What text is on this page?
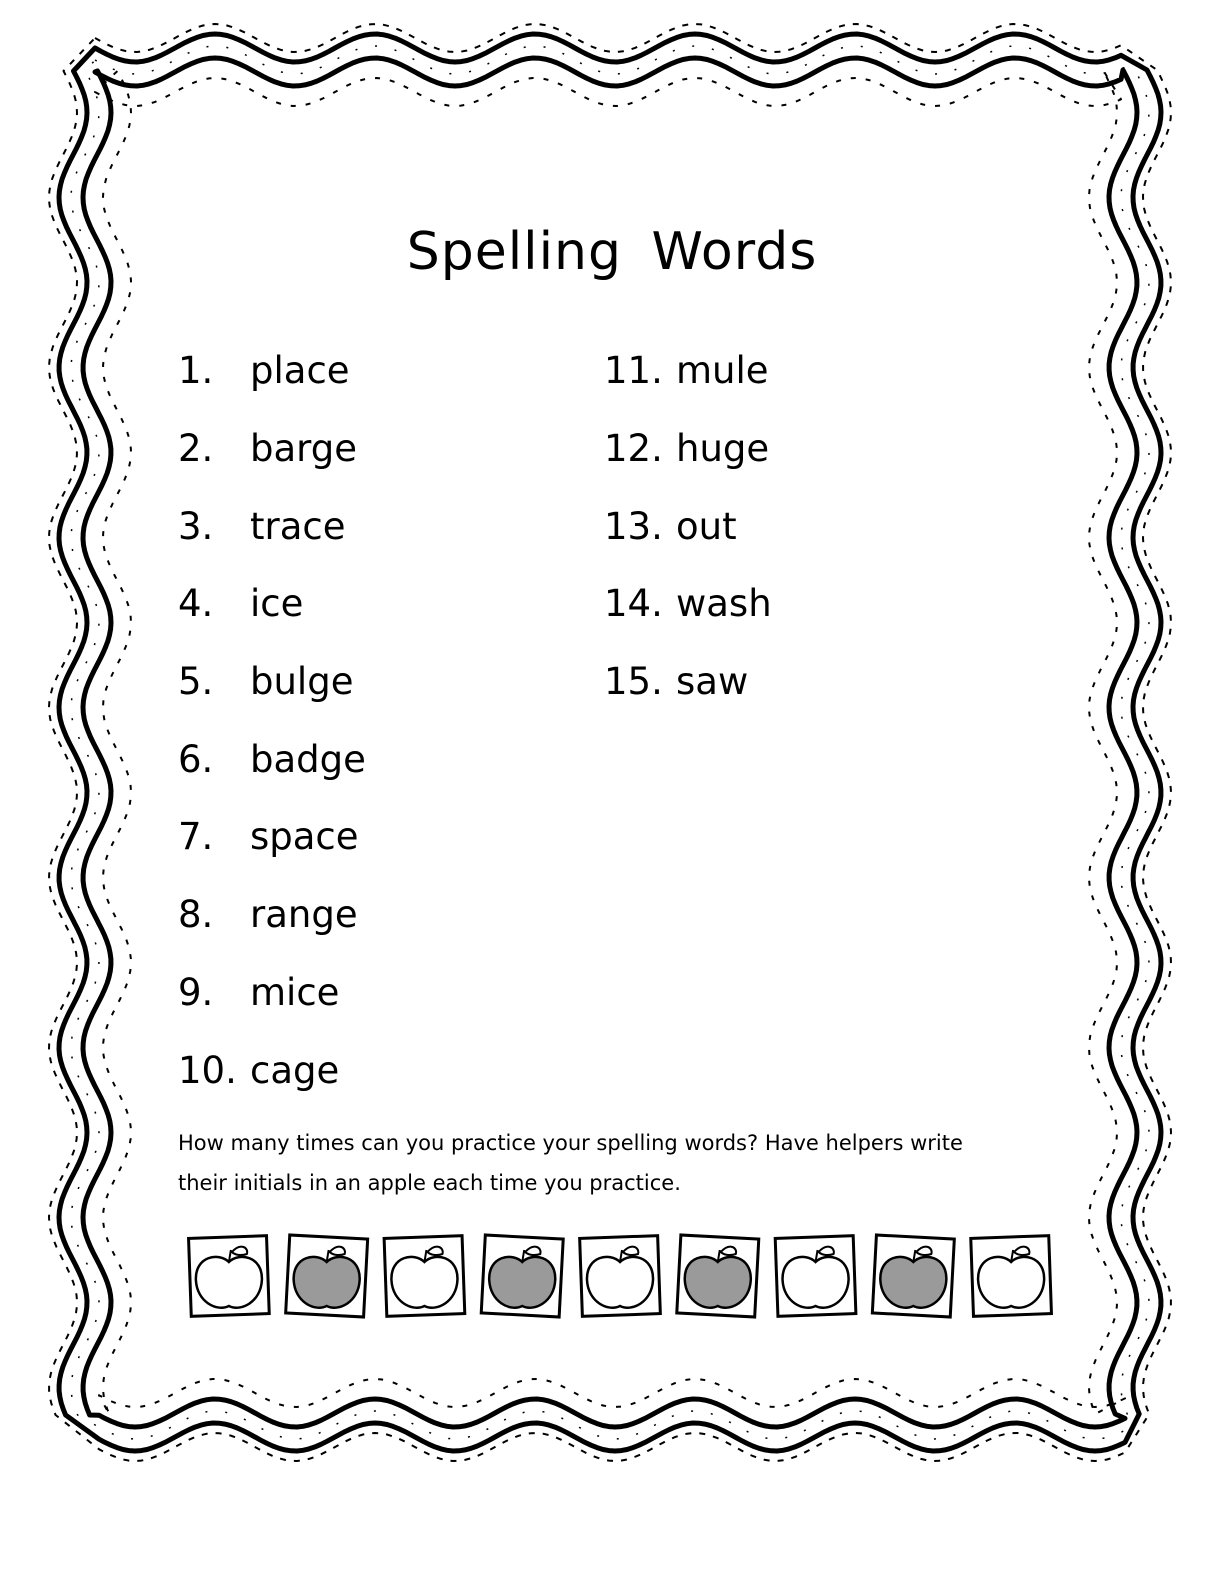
Spelling Words
1. place
2. barge
3. trace
4. ice
5. bulge
6. badge
7. space
8. range
9. mice
10. cage
11. mule
12. huge
13. out
14. wash
15. saw
How many times can you practice your spelling words? Have helpers write
their initials in an apple each time you practice.
